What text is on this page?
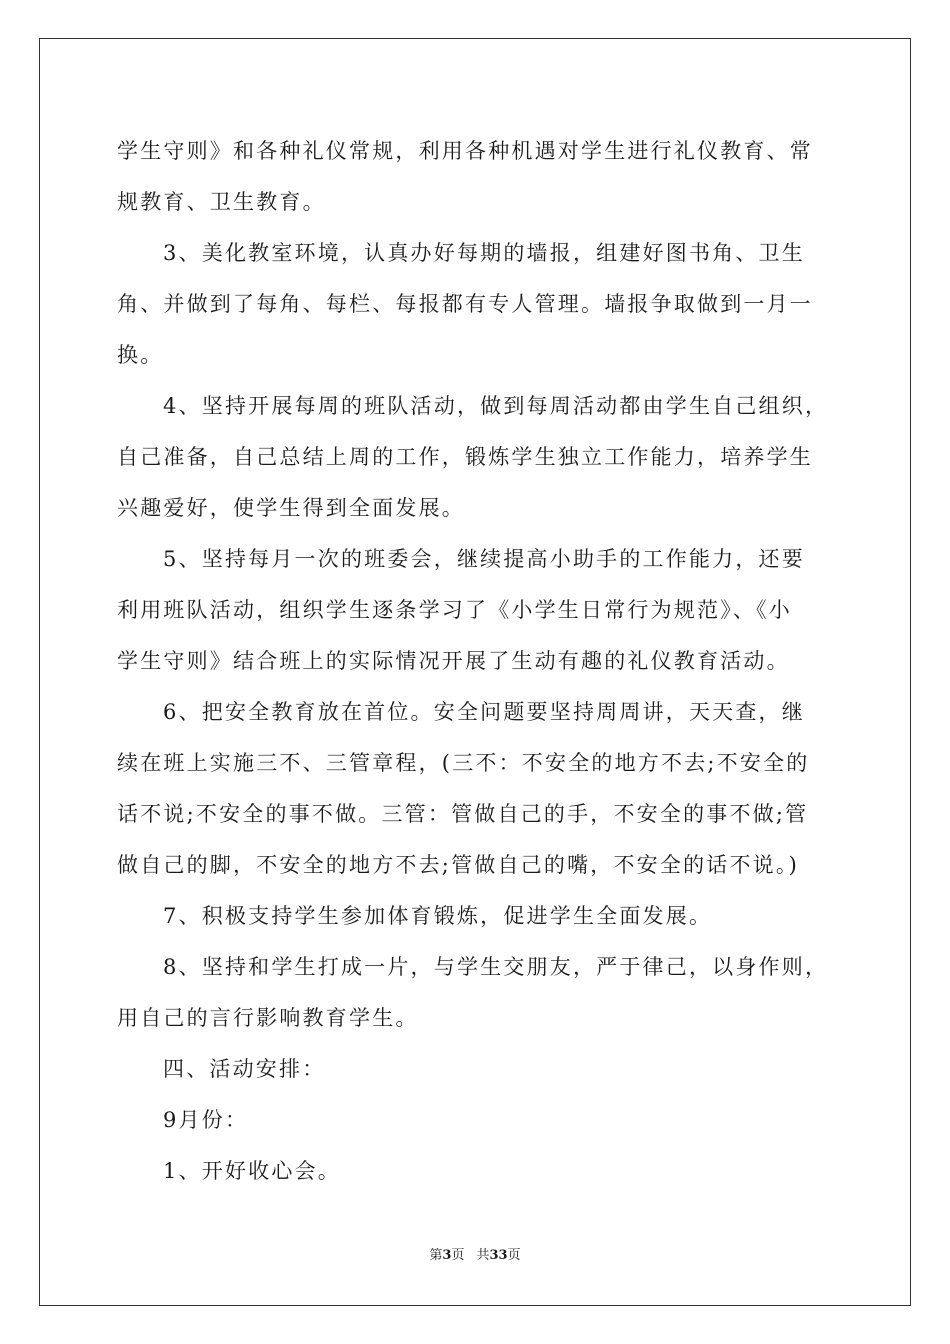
学生守则》和各种礼仪常规，利用各种机遇对学生进行礼仪教育、常
规教育、卫生教育。
3、美化教室环境，认真办好每期的墙报，组建好图书角、卫生
角、并做到了每角、每栏、每报都有专人管理。墙报争取做到一月一
换。
4、坚持开展每周的班队活动，做到每周活动都由学生自己组织，
自己准备，自己总结上周的工作，锻炼学生独立工作能力，培养学生
兴趣爱好，使学生得到全面发展。
5、坚持每月一次的班委会，继续提高小助手的工作能力，还要
利用班队活动，组织学生逐条学习了《小学生日常行为规范》、《小
学生守则》结合班上的实际情况开展了生动有趣的礼仪教育活动。
6、把安全教育放在首位。安全问题要坚持周周讲，天天查，继
续在班上实施三不、三管章程，(三不：不安全的地方不去;不安全的
话不说;不安全的事不做。三管：管做自己的手，不安全的事不做;管
做自己的脚，不安全的地方不去;管做自己的嘴，不安全的话不说。)
7、积极支持学生参加体育锻炼，促进学生全面发展。
8、坚持和学生打成一片，与学生交朋友，严于律己，以身作则，
用自己的言行影响教育学生。
四、活动安排：
9月份：
1、开好收心会。
第3页 共33页
